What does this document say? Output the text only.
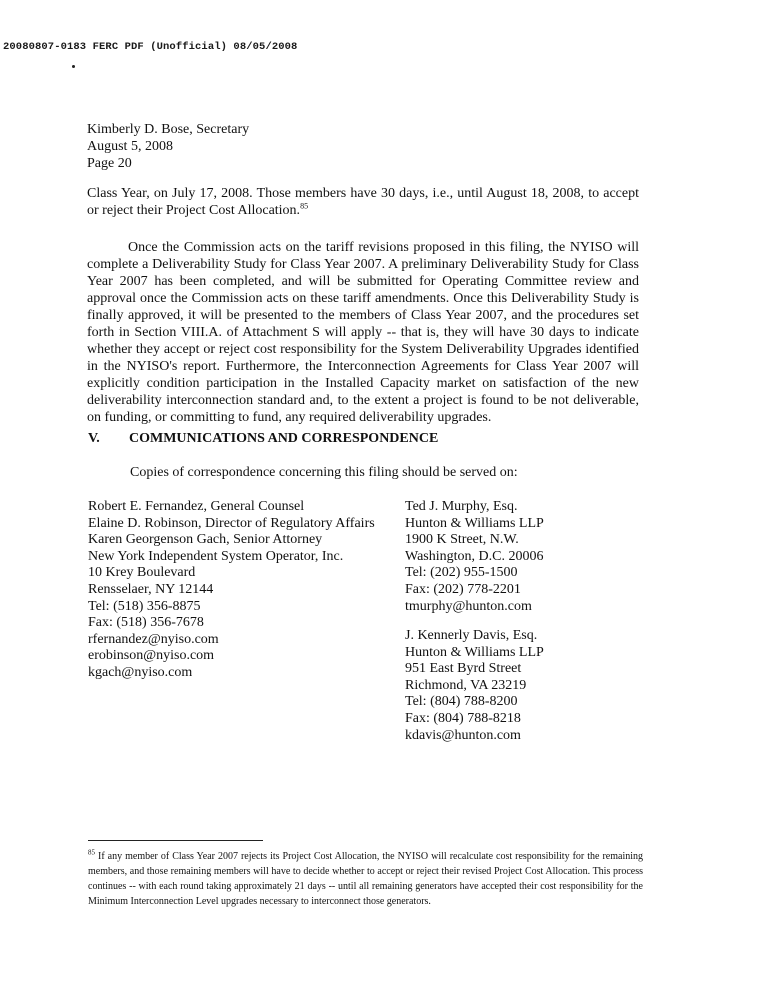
20080807-0183 FERC PDF (Unofficial) 08/05/2008
Kimberly D. Bose, Secretary
August 5, 2008
Page 20
Class Year, on July 17, 2008. Those members have 30 days, i.e., until August 18, 2008, to accept or reject their Project Cost Allocation.$^{85}$
Once the Commission acts on the tariff revisions proposed in this filing, the NYISO will complete a Deliverability Study for Class Year 2007. A preliminary Deliverability Study for Class Year 2007 has been completed, and will be submitted for Operating Committee review and approval once the Commission acts on these tariff amendments. Once this Deliverability Study is finally approved, it will be presented to the members of Class Year 2007, and the procedures set forth in Section VIII.A. of Attachment S will apply -- that is, they will have 30 days to indicate whether they accept or reject cost responsibility for the System Deliverability Upgrades identified in the NYISO's report. Furthermore, the Interconnection Agreements for Class Year 2007 will explicitly condition participation in the Installed Capacity market on satisfaction of the new deliverability interconnection standard and, to the extent a project is found to be not deliverable, on funding, or committing to fund, any required deliverability upgrades.
V. COMMUNICATIONS AND CORRESPONDENCE
Copies of correspondence concerning this filing should be served on:
Robert E. Fernandez, General Counsel
Elaine D. Robinson, Director of Regulatory Affairs
Karen Georgenson Gach, Senior Attorney
New York Independent System Operator, Inc.
10 Krey Boulevard
Rensselaer, NY 12144
Tel: (518) 356-8875
Fax: (518) 356-7678
rfernandez@nyiso.com
erobinson@nyiso.com
kgach@nyiso.com
Ted J. Murphy, Esq.
Hunton & Williams LLP
1900 K Street, N.W.
Washington, D.C. 20006
Tel: (202) 955-1500
Fax: (202) 778-2201
tmurphy@hunton.com
J. Kennerly Davis, Esq.
Hunton & Williams LLP
951 East Byrd Street
Richmond, VA 23219
Tel: (804) 788-8200
Fax: (804) 788-8218
kdavis@hunton.com
$^{85}$ If any member of Class Year 2007 rejects its Project Cost Allocation, the NYISO will recalculate cost responsibility for the remaining members, and those remaining members will have to decide whether to accept or reject their revised Project Cost Allocation. This process continues -- with each round taking approximately 21 days -- until all remaining generators have accepted their cost responsibility for the Minimum Interconnection Level upgrades necessary to interconnect those generators.
